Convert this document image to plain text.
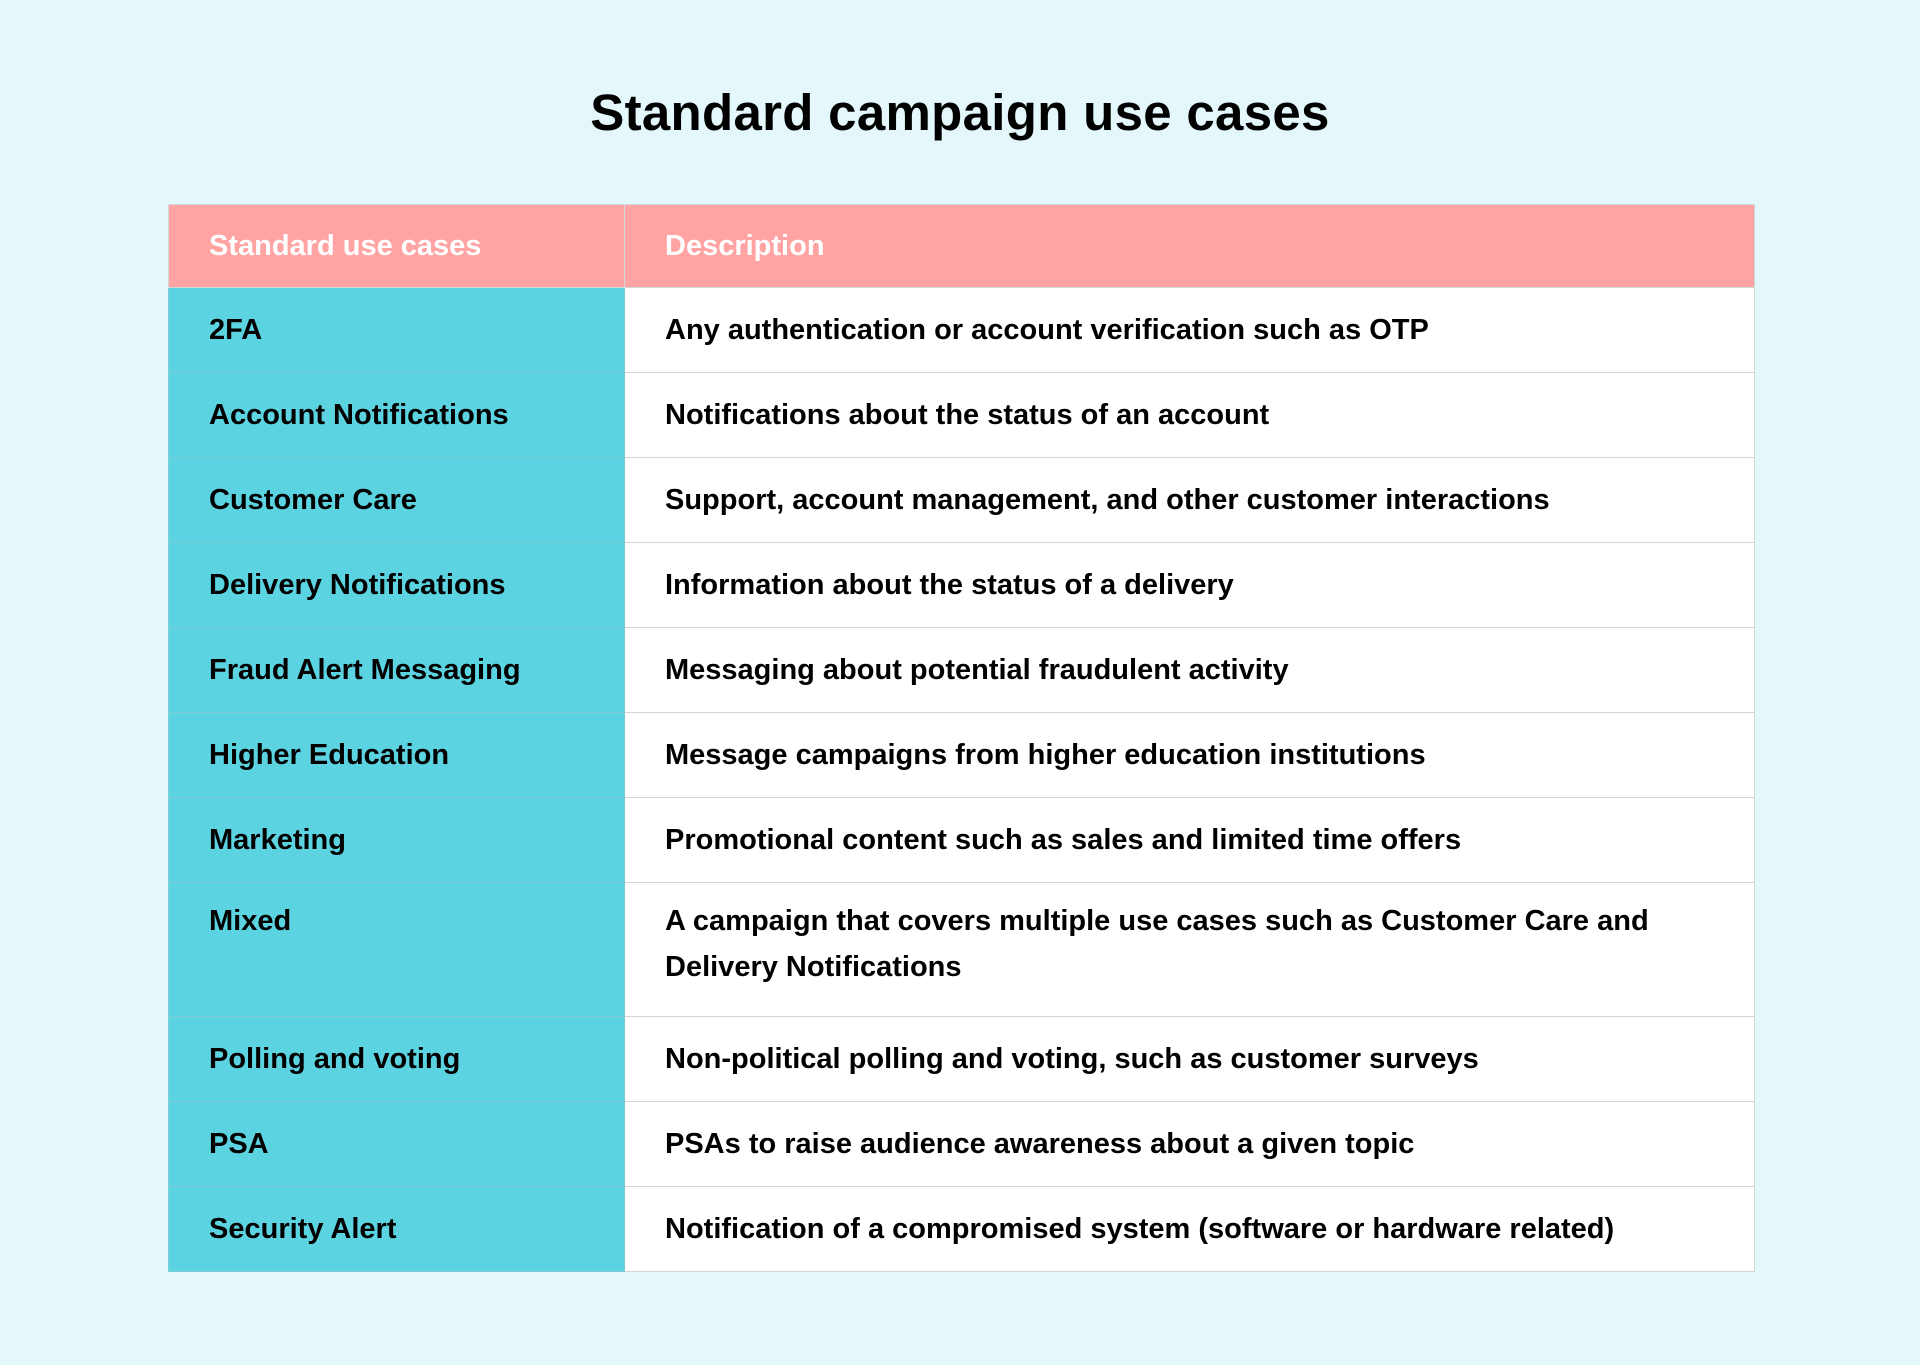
Standard campaign use cases
Standard use cases	Description
2FA	Any authentication or account verification such as OTP
Account Notifications	Notifications about the status of an account
Customer Care	Support, account management, and other customer interactions
Delivery Notifications	Information about the status of a delivery
Fraud Alert Messaging	Messaging about potential fraudulent activity
Higher Education	Message campaigns from higher education institutions
Marketing	Promotional content such as sales and limited time offers
Mixed	A campaign that covers multiple use cases such as Customer Care and Delivery Notifications
Polling and voting	Non-political polling and voting, such as customer surveys
PSA	PSAs to raise audience awareness about a given topic
Security Alert	Notification of a compromised system (software or hardware related)
